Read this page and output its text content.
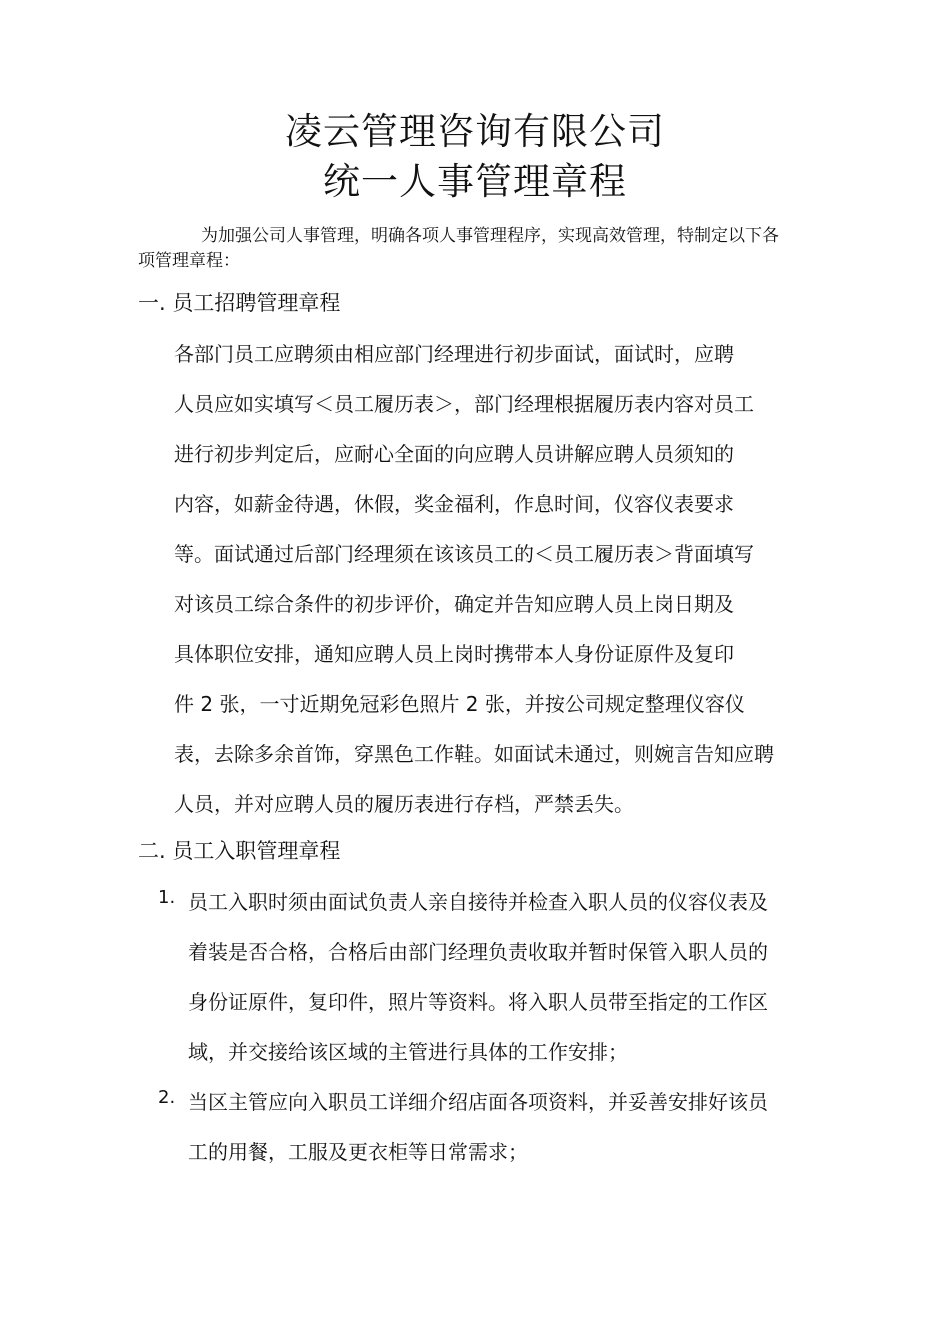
凌云管理咨询有限公司
统一人事管理章程
为加强公司人事管理，明确各项人事管理程序，实现高效管理，特制定以下各
项管理章程：
一. 员工招聘管理章程
各部门员工应聘须由相应部门经理进行初步面试，面试时，应聘
人员应如实填写＜员工履历表＞，部门经理根据履历表内容对员工
进行初步判定后，应耐心全面的向应聘人员讲解应聘人员须知的
内容，如薪金待遇，休假，奖金福利，作息时间，仪容仪表要求
等。面试通过后部门经理须在该该员工的＜员工履历表＞背面填写
对该员工综合条件的初步评价，确定并告知应聘人员上岗日期及
具体职位安排，通知应聘人员上岗时携带本人身份证原件及复印
件 2 张，一寸近期免冠彩色照片 2 张，并按公司规定整理仪容仪
表，去除多余首饰，穿黑色工作鞋。如面试未通过，则婉言告知应聘
人员，并对应聘人员的履历表进行存档，严禁丢失。
二. 员工入职管理章程
1. 员工入职时须由面试负责人亲自接待并检查入职人员的仪容仪表及
着装是否合格，合格后由部门经理负责收取并暂时保管入职人员的
身份证原件，复印件，照片等资料。将入职人员带至指定的工作区
域，并交接给该区域的主管进行具体的工作安排；
2. 当区主管应向入职员工详细介绍店面各项资料，并妥善安排好该员
工的用餐，工服及更衣柜等日常需求；
